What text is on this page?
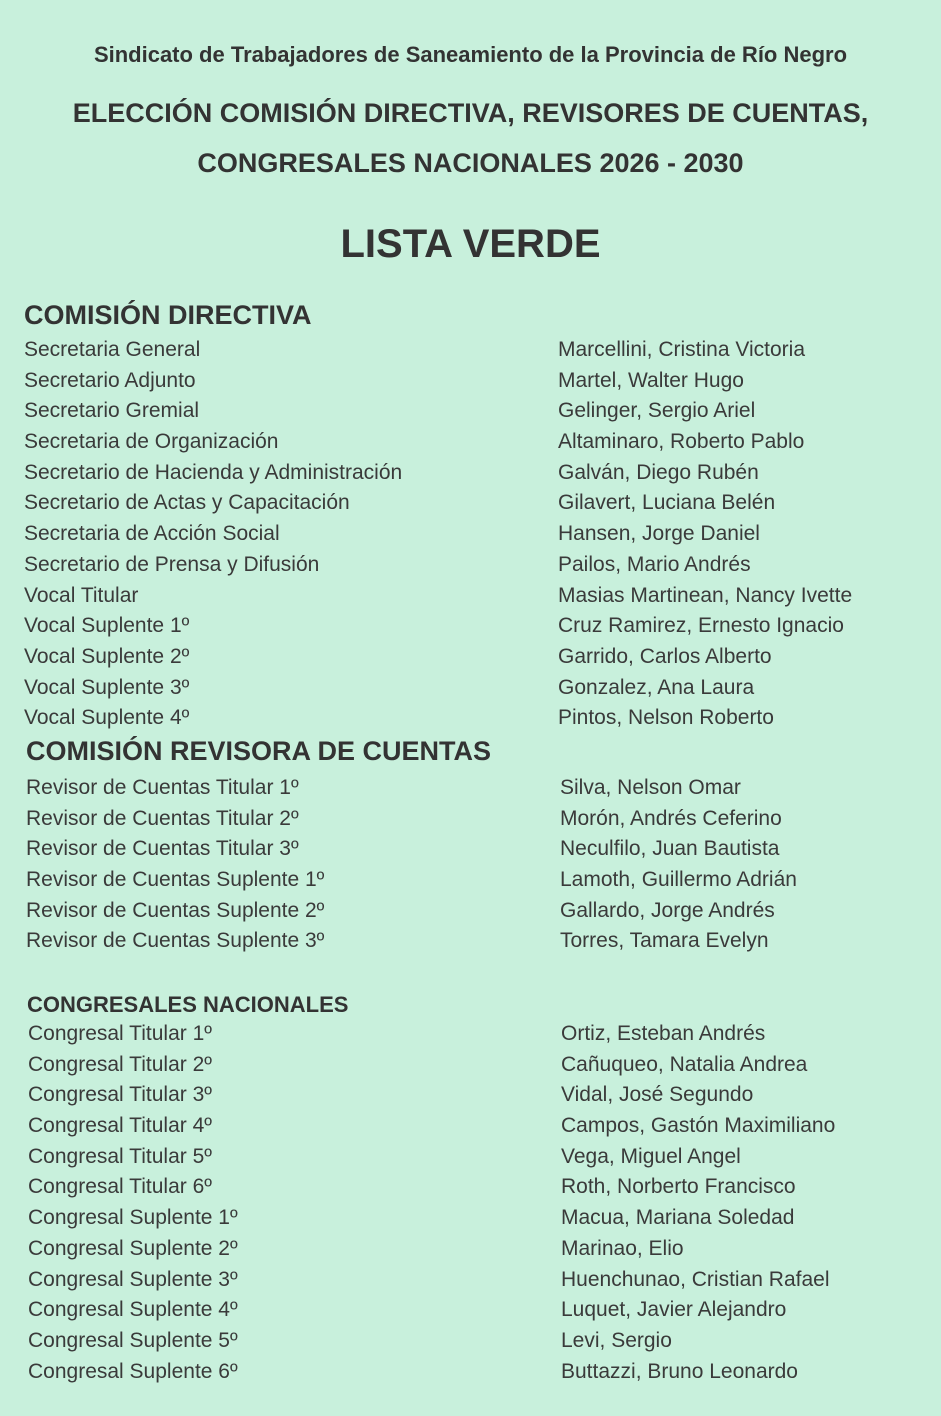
Sindicato de Trabajadores de Saneamiento de la Provincia de Río Negro
ELECCIÓN COMISIÓN DIRECTIVA, REVISORES DE CUENTAS,
CONGRESALES NACIONALES 2026 - 2030
LISTA VERDE
COMISIÓN DIRECTIVA
Secretaria General	Marcellini, Cristina Victoria
Secretario Adjunto	Martel, Walter Hugo
Secretario Gremial	Gelinger, Sergio Ariel
Secretaria de Organización	Altaminaro, Roberto Pablo
Secretario de Hacienda y Administración	Galván, Diego Rubén
Secretario de Actas y Capacitación	Gilavert, Luciana Belén
Secretaria de Acción Social	Hansen, Jorge Daniel
Secretario de Prensa y Difusión	Pailos, Mario Andrés
Vocal Titular	Masias Martinean, Nancy Ivette
Vocal Suplente 1º	Cruz Ramirez, Ernesto Ignacio
Vocal Suplente 2º	Garrido, Carlos Alberto
Vocal Suplente 3º	Gonzalez, Ana Laura
Vocal Suplente 4º	Pintos, Nelson Roberto
COMISIÓN REVISORA DE CUENTAS
Revisor de Cuentas Titular 1º	Silva, Nelson Omar
Revisor de Cuentas Titular 2º	Morón, Andrés Ceferino
Revisor de Cuentas Titular 3º	Neculfilo, Juan Bautista
Revisor de Cuentas Suplente 1º	Lamoth, Guillermo Adrián
Revisor de Cuentas Suplente 2º	Gallardo, Jorge Andrés
Revisor de Cuentas Suplente 3º	Torres, Tamara Evelyn
CONGRESALES NACIONALES
Congresal Titular 1º	Ortiz, Esteban Andrés
Congresal Titular 2º	Cañuqueo, Natalia Andrea
Congresal Titular 3º	Vidal, José Segundo
Congresal Titular 4º	Campos, Gastón Maximiliano
Congresal Titular 5º	Vega, Miguel Angel
Congresal Titular 6º	Roth, Norberto Francisco
Congresal Suplente 1º	Macua, Mariana Soledad
Congresal Suplente 2º	Marinao, Elio
Congresal Suplente 3º	Huenchunao, Cristian Rafael
Congresal Suplente 4º	Luquet, Javier Alejandro
Congresal Suplente 5º	Levi, Sergio
Congresal Suplente 6º	Buttazzi, Bruno Leonardo
